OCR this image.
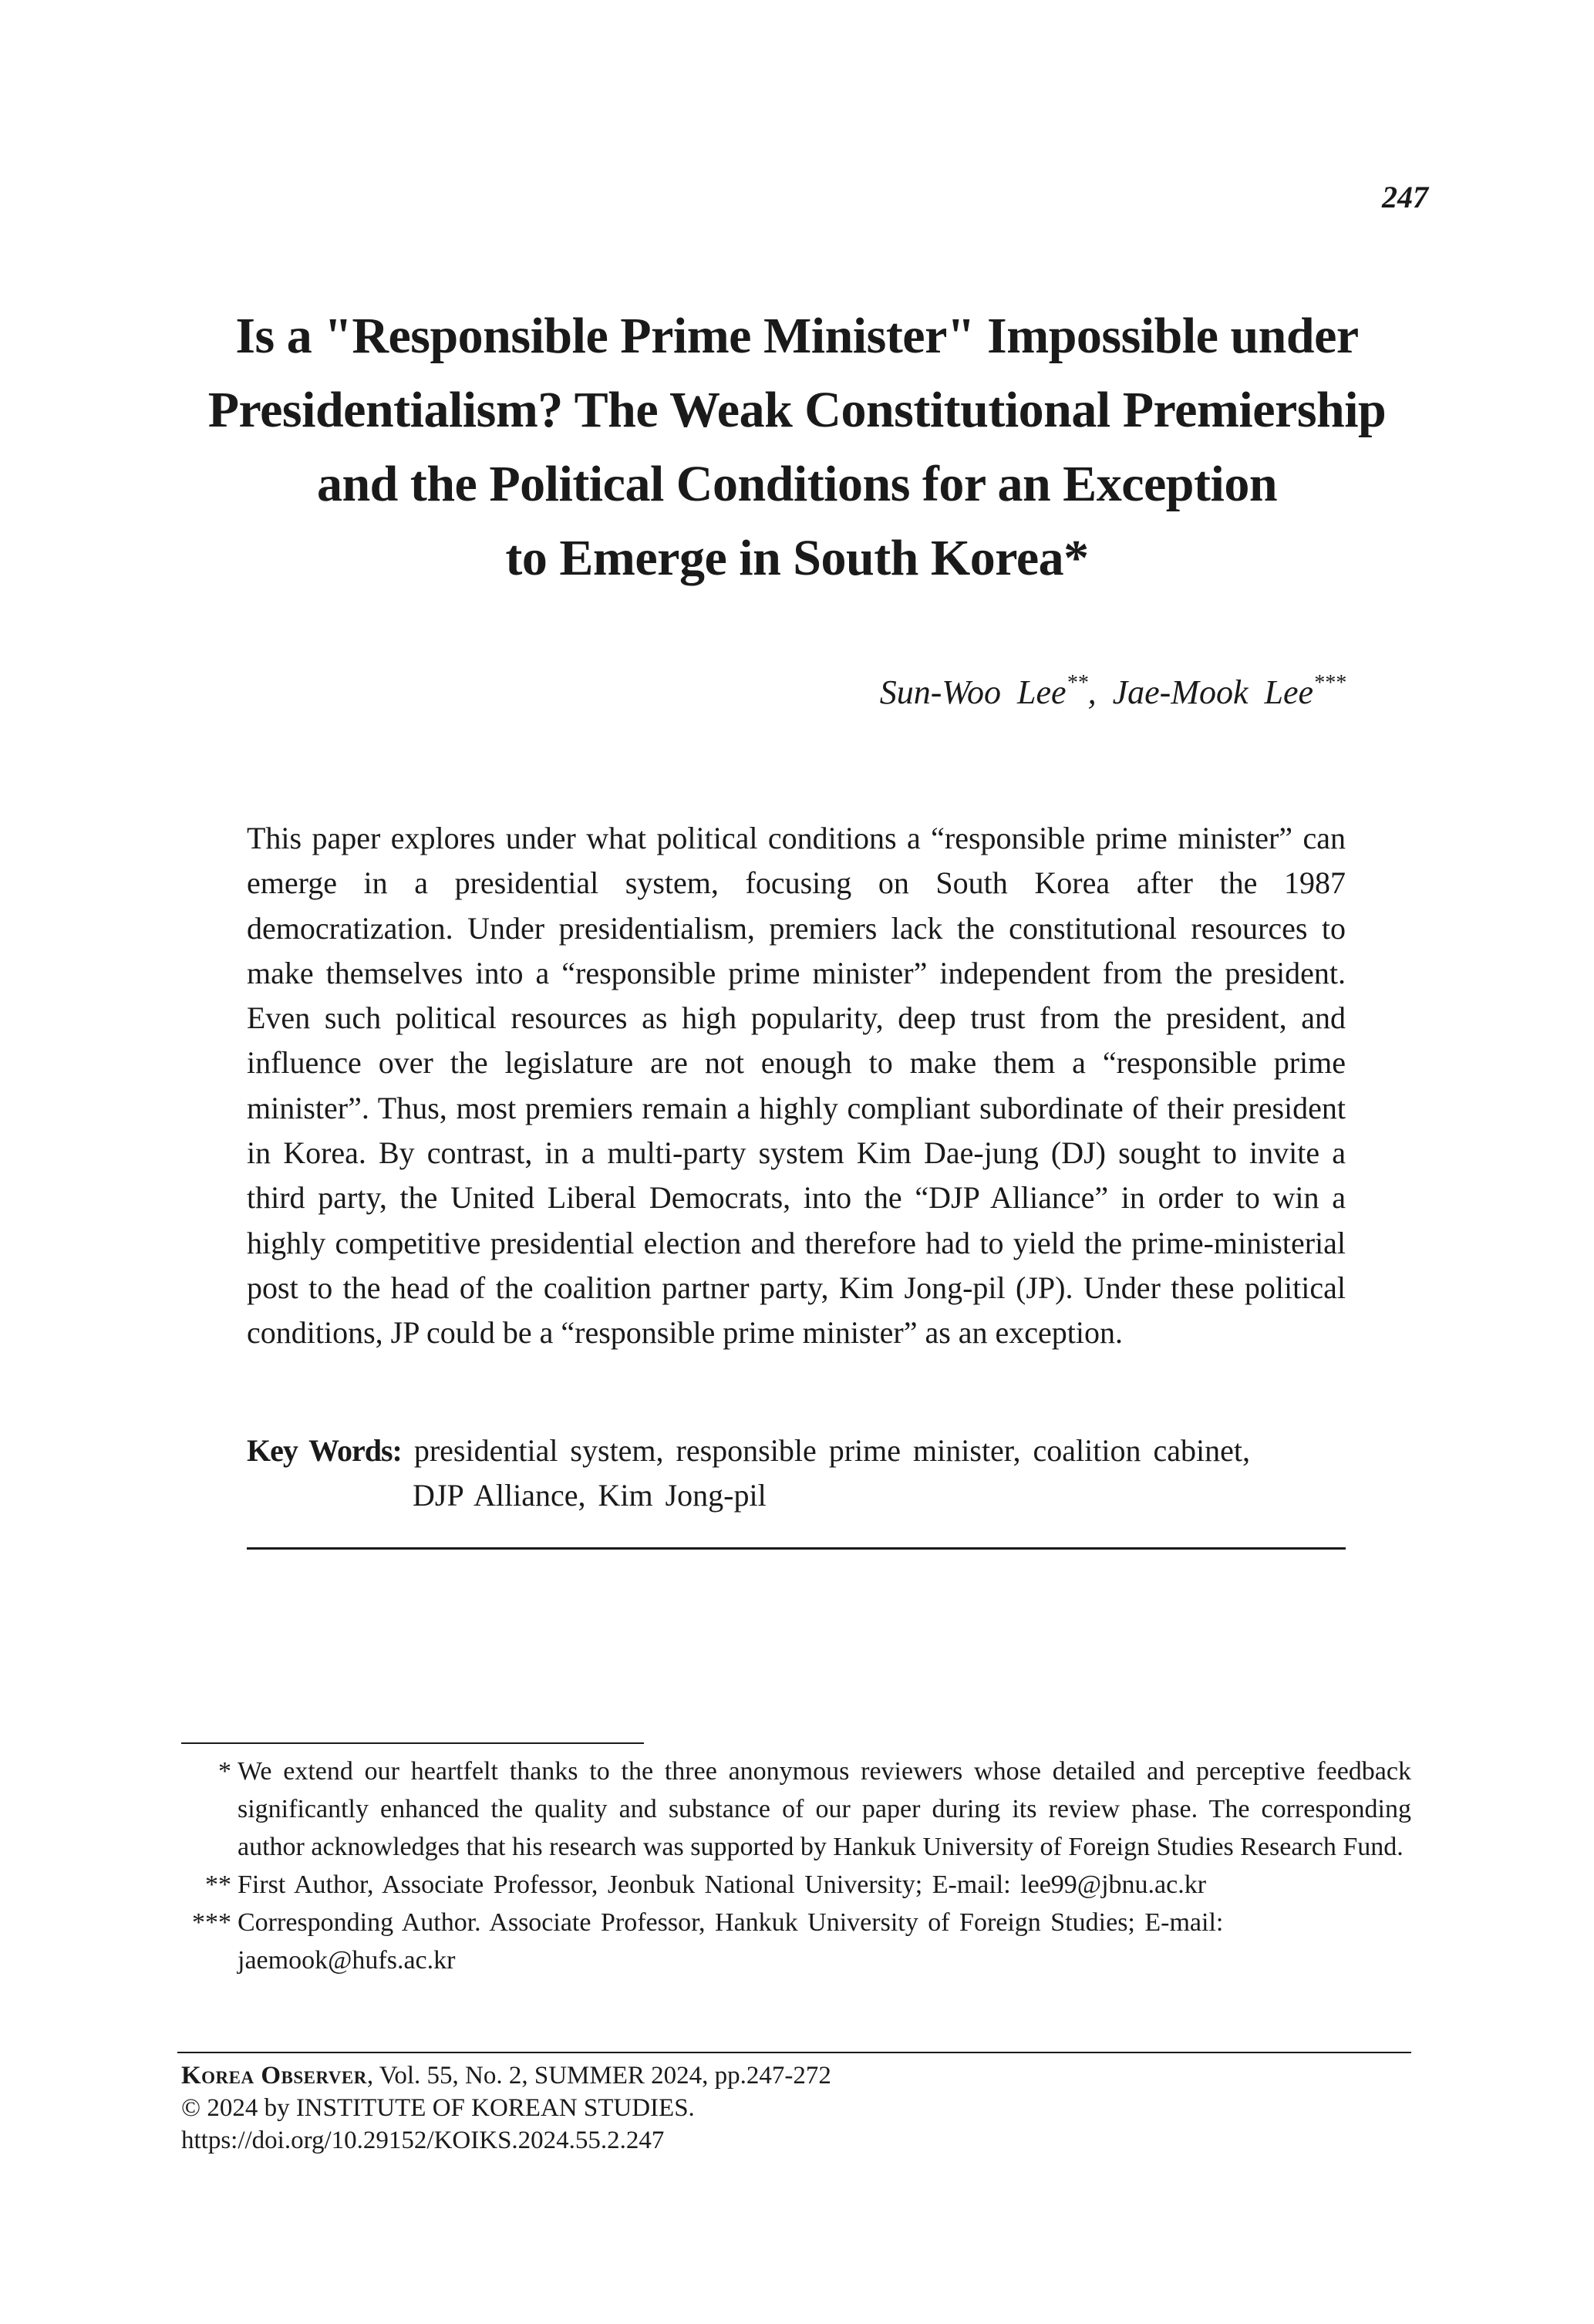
247
Is a "Responsible Prime Minister" Impossible under
Presidentialism? The Weak Constitutional Premiership
and the Political Conditions for an Exception
to Emerge in South Korea*
Sun-Woo Lee**, Jae-Mook Lee***

This paper explores under what political conditions a “responsible prime minister” can emerge in a presidential system, focusing on South Korea after the 1987 democratization. Under presidentialism, premiers lack the constitutional resources to make themselves into a “responsible prime minister” independent from the president. Even such political resources as high popularity, deep trust from the president, and influence over the legislature are not enough to make them a “responsible prime minister”. Thus, most premiers remain a highly compliant subordinate of their president in Korea. By contrast, in a multi-party system Kim Dae-jung (DJ) sought to invite a third party, the United Liberal Democrats, into the “DJP Alliance” in order to win a highly competitive presidential election and therefore had to yield the prime-ministerial post to the head of the coalition partner party, Kim Jong-pil (JP). Under these political conditions, JP could be a “responsible prime minister” as an exception.

Key Words: presidential system, responsible prime minister, coalition cabinet,
DJP Alliance, Kim Jong-pil
* We extend our heartfelt thanks to the three anonymous reviewers whose detailed and perceptive feedback significantly enhanced the quality and substance of our paper during its review phase. The corresponding author acknowledges that his research was supported by Hankuk University of Foreign Studies Research Fund.
** First Author, Associate Professor, Jeonbuk National University; E-mail: lee99@jbnu.ac.kr
*** Corresponding Author. Associate Professor, Hankuk University of Foreign Studies; E-mail: jaemook@hufs.ac.kr
Korea Observer, Vol. 55, No. 2, SUMMER 2024, pp.247-272
© 2024 by INSTITUTE OF KOREAN STUDIES.
https://doi.org/10.29152/KOIKS.2024.55.2.247
